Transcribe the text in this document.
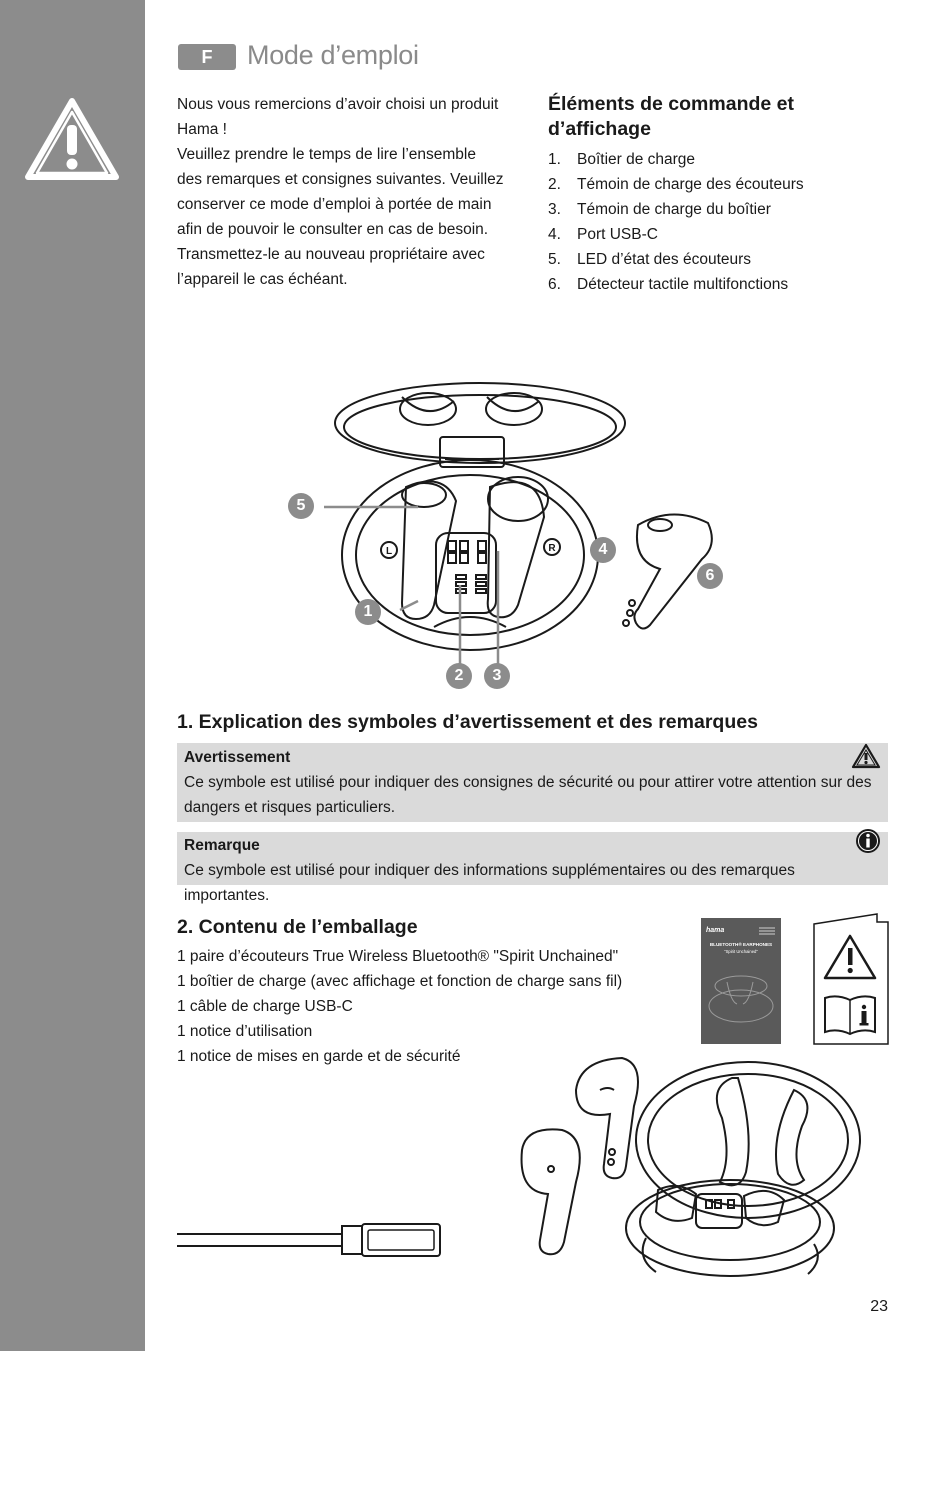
F	Mode d’emploi

Nous vous remercions d’avoir choisi un produit

Hama !

Veuillez prendre le temps de lire l’ensemble

des remarques et consignes suivantes. Veuillez

conserver ce mode d’emploi à portée de main

afin de pouvoir le consulter en cas de besoin.

Transmettez-le au nouveau propriétaire avec

l’appareil le cas échéant.

Éléments de commande et
d’affichage
1.	Boîtier de charge
2.	Témoin de charge des écouteurs
3.	Témoin de charge du boîtier
4.	Port USB-C
5.	LED d’état des écouteurs
6.	Détecteur tactile multifonctions
L	R
1
2	3
4
5
6
1. Explication des symboles d’avertissement et des remarques
Avertissement
Ce symbole est utilisé pour indiquer des consignes de sécurité ou pour attirer votre attention sur des dangers et risques particuliers.
Remarque
Ce symbole est utilisé pour indiquer des informations supplémentaires ou des remarques importantes.
2. Contenu de l’emballage
1 paire d’écouteurs True Wireless Bluetooth® "Spirit Unchained"
1 boîtier de charge (avec affichage et fonction de charge sans fil)
1 câble de charge USB-C
1 notice d’utilisation
1 notice de mises en garde et de sécurité
hama
BLUETOOTH® EARPHONES
"Spirit Unchained"
23
